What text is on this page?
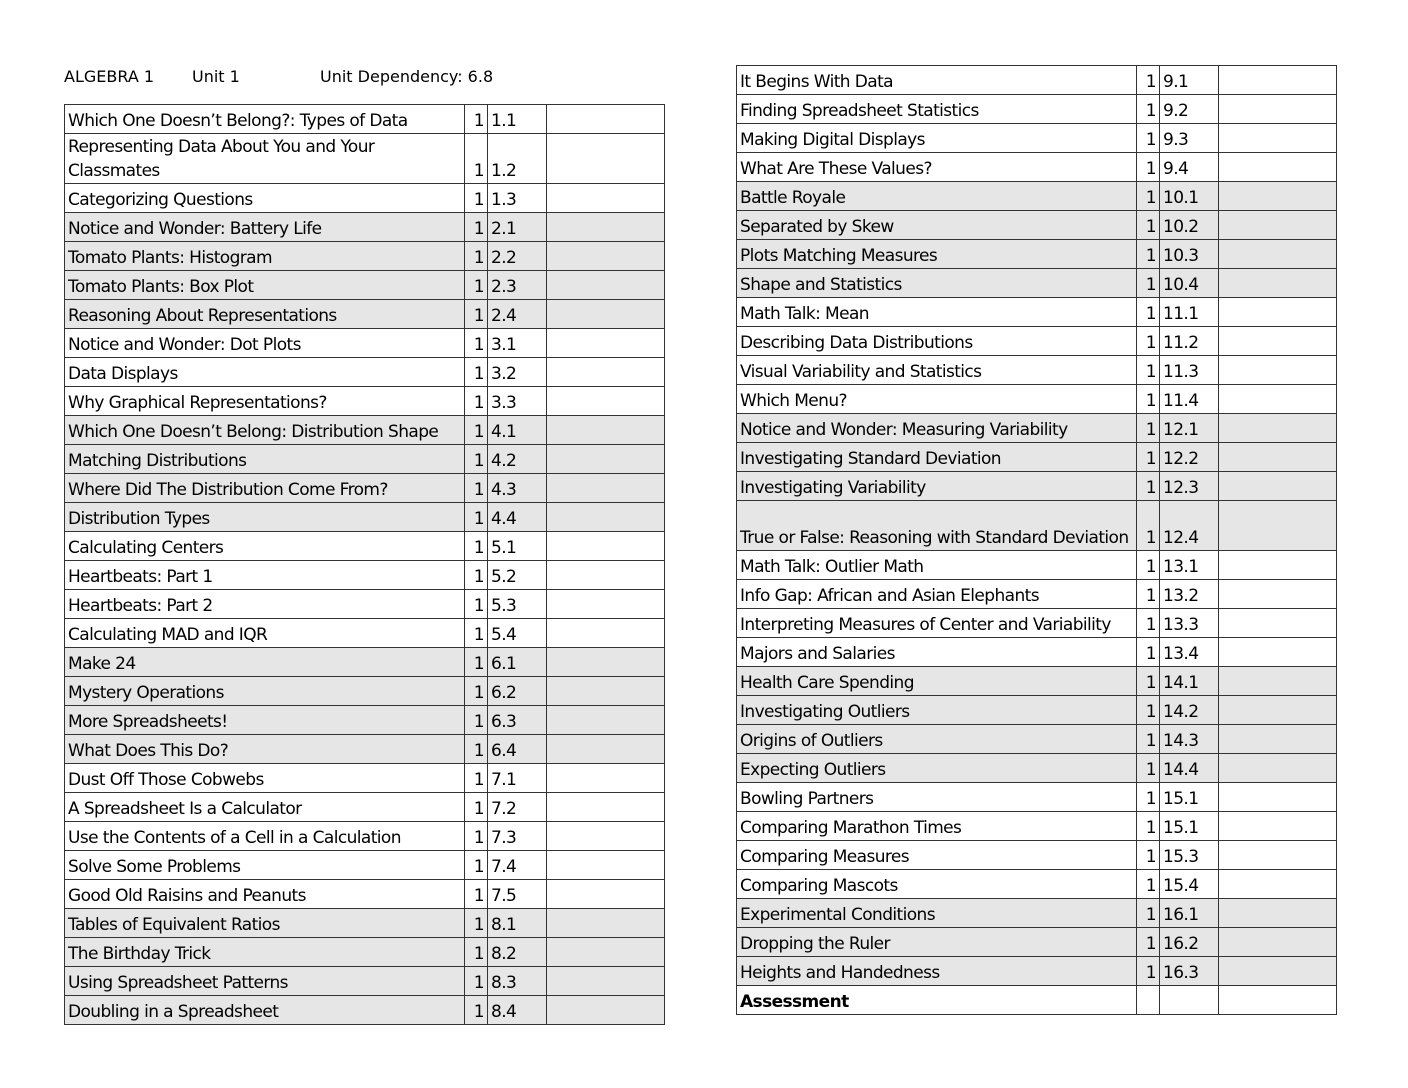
ALGEBRA 1 Unit 1	Unit Dependency: 6.8
Which One Doesn’t Belong?: Types of Data	1	1.1	
Representing Data About You and Your Classmates	1	1.2	
Categorizing Questions	1	1.3	
Notice and Wonder: Battery Life	1	2.1	
Tomato Plants: Histogram	1	2.2	
Tomato Plants: Box Plot	1	2.3	
Reasoning About Representations	1	2.4	
Notice and Wonder: Dot Plots	1	3.1	
Data Displays	1	3.2	
Why Graphical Representations?	1	3.3	
Which One Doesn’t Belong: Distribution Shape	1	4.1	
Matching Distributions	1	4.2	
Where Did The Distribution Come From?	1	4.3	
Distribution Types	1	4.4	
Calculating Centers	1	5.1	
Heartbeats: Part 1	1	5.2	
Heartbeats: Part 2	1	5.3	
Calculating MAD and IQR	1	5.4	
Make 24	1	6.1	
Mystery Operations	1	6.2	
More Spreadsheets!	1	6.3	
What Does This Do?	1	6.4	
Dust Off Those Cobwebs	1	7.1	
A Spreadsheet Is a Calculator	1	7.2	
Use the Contents of a Cell in a Calculation	1	7.3	
Solve Some Problems	1	7.4	
Good Old Raisins and Peanuts	1	7.5	
Tables of Equivalent Ratios	1	8.1	
The Birthday Trick	1	8.2	
Using Spreadsheet Patterns	1	8.3	
Doubling in a Spreadsheet	1	8.4	
It Begins With Data	1	9.1	
Finding Spreadsheet Statistics	1	9.2	
Making Digital Displays	1	9.3	
What Are These Values?	1	9.4	
Battle Royale	1	10.1	
Separated by Skew	1	10.2	
Plots Matching Measures	1	10.3	
Shape and Statistics	1	10.4	
Math Talk: Mean	1	11.1	
Describing Data Distributions	1	11.2	
Visual Variability and Statistics	1	11.3	
Which Menu?	1	11.4	
Notice and Wonder: Measuring Variability	1	12.1	
Investigating Standard Deviation	1	12.2	
Investigating Variability	1	12.3	
True or False: Reasoning with Standard Deviation	1	12.4	
Math Talk: Outlier Math	1	13.1	
Info Gap: African and Asian Elephants	1	13.2	
Interpreting Measures of Center and Variability	1	13.3	
Majors and Salaries	1	13.4	
Health Care Spending	1	14.1	
Investigating Outliers	1	14.2	
Origins of Outliers	1	14.3	
Expecting Outliers	1	14.4	
Bowling Partners	1	15.1	
Comparing Marathon Times	1	15.1	
Comparing Measures	1	15.3	
Comparing Mascots	1	15.4	
Experimental Conditions	1	16.1	
Dropping the Ruler	1	16.2	
Heights and Handedness	1	16.3	
Assessment			
